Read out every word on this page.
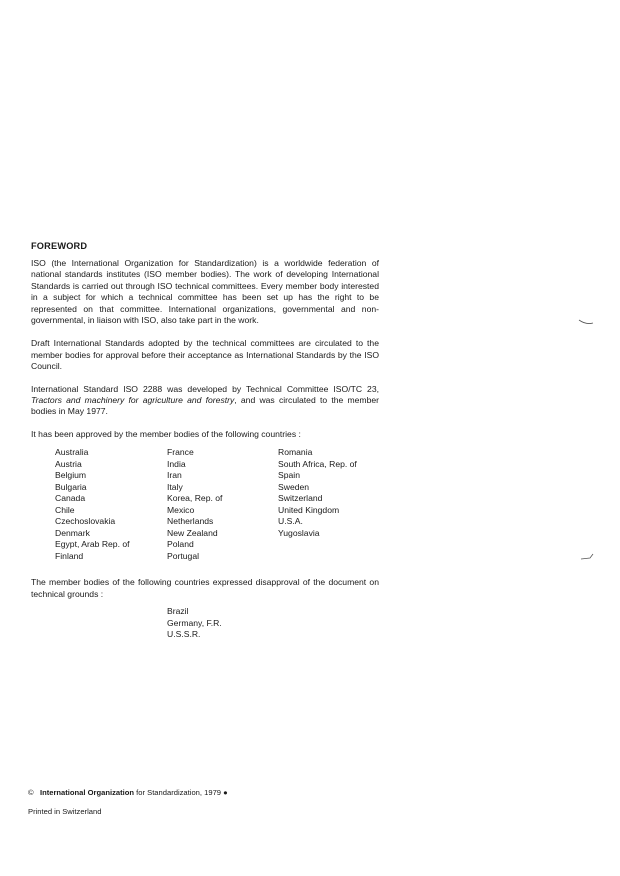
FOREWORD

ISO (the International Organization for Standardization) is a worldwide federation of national standards institutes (ISO member bodies). The work of developing International Standards is carried out through ISO technical committees. Every member body interested in a subject for which a technical committee has been set up has the right to be represented on that committee. International organizations, governmental and non-governmental, in liaison with ISO, also take part in the work.

Draft International Standards adopted by the technical committees are circulated to the member bodies for approval before their acceptance as International Standards by the ISO Council.

International Standard ISO 2288 was developed by Technical Committee ISO/TC 23, Tractors and machinery for agriculture and forestry, and was circulated to the member bodies in May 1977.

It has been approved by the member bodies of the following countries :

Australia
Austria
Belgium
Bulgaria
Canada
Chile
Czechoslovakia
Denmark
Egypt, Arab Rep. of
Finland
France
India
Iran
Italy
Korea, Rep. of
Mexico
Netherlands
New Zealand
Poland
Portugal
Romania
South Africa, Rep. of
Spain
Sweden
Switzerland
United Kingdom
U.S.A.
Yugoslavia

The member bodies of the following countries expressed disapproval of the document on technical grounds :

Brazil
Germany, F.R.
U.S.S.R.
© International Organization for Standardization, 1979 ●
Printed in Switzerland
